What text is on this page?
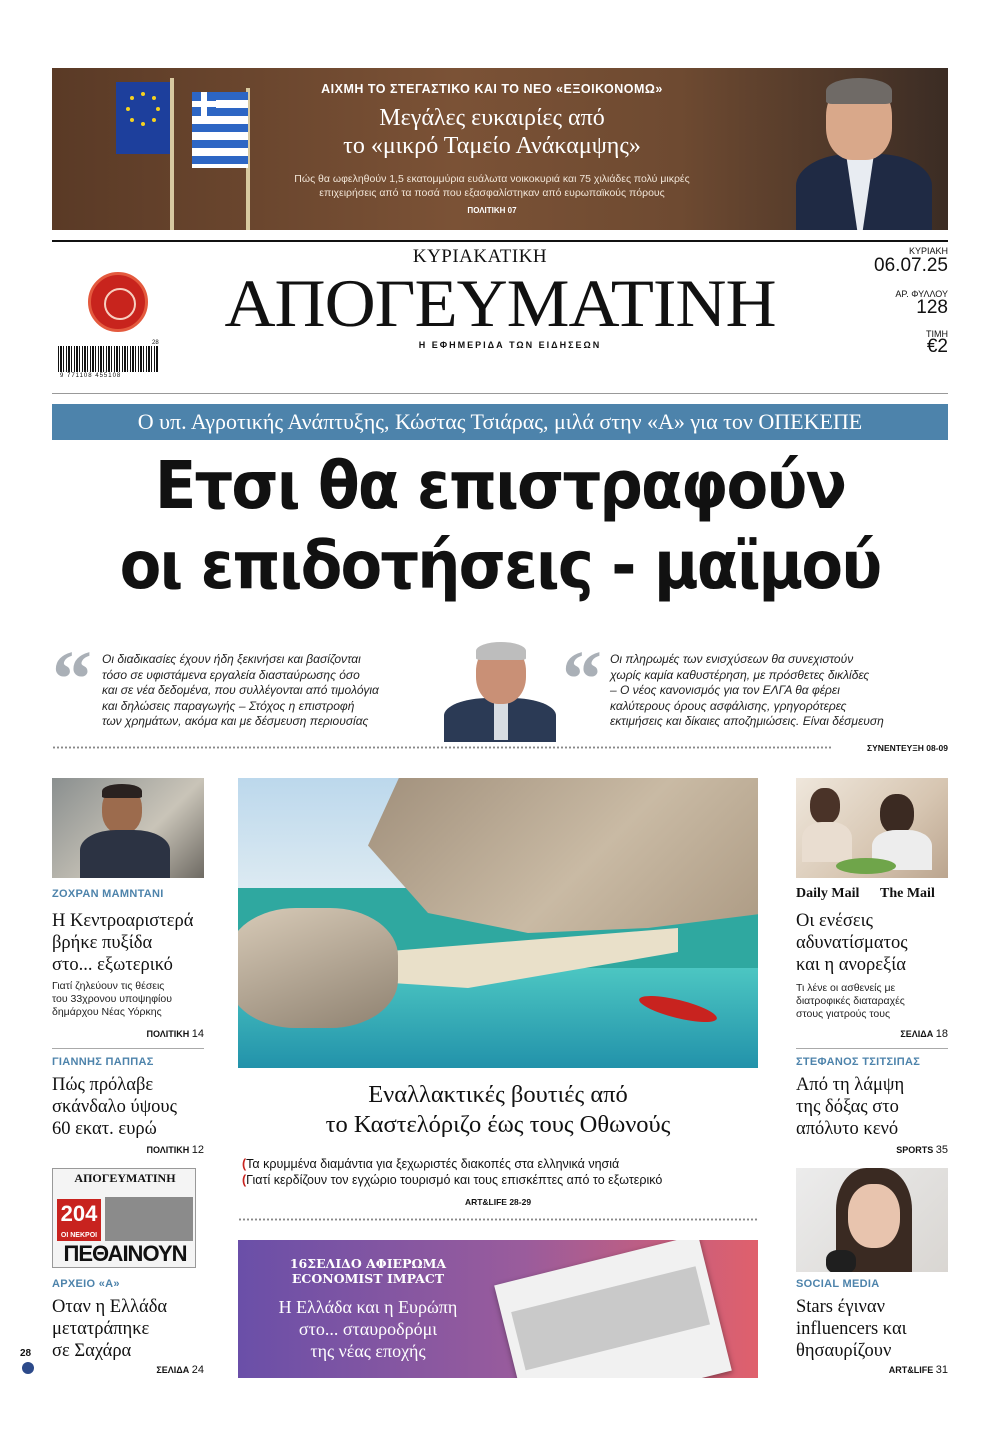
ΑΙΧΜΗ ΤΟ ΣΤΕΓΑΣΤΙΚΟ ΚΑΙ ΤΟ ΝΕΟ «ΕΞΟΙΚΟΝΟΜΩ»
Μεγάλες ευκαιρίες από
το «μικρό Ταμείο Ανάκαμψης»
Πώς θα ωφεληθούν 1,5 εκατομμύρια ευάλωτα νοικοκυριά και 75 χιλιάδες πολύ μικρές
επιχειρήσεις από τα ποσά που εξασφαλίστηκαν από ευρωπαϊκούς πόρους
ΠΟΛΙΤΙΚΗ 07
ΚΥΡΙΑΚΑΤΙΚΗ
ΑΠΟΓΕΥΜΑΤΙΝΗ
Η ΕΦΗΜΕΡΙΔΑ ΤΩΝ ΕΙΔΗΣΕΩΝ
9 771108 455108
28
ΚΥΡΙΑΚΗ
06.07.25
ΑΡ. ΦΥΛΛΟΥ
128
ΤΙΜΗ
€2
Ο υπ. Αγροτικής Ανάπτυξης, Κώστας Τσιάρας, μιλά στην «Α» για τον ΟΠΕΚΕΠΕ
Ετσι θα επιστραφούν
οι επιδοτήσεις - μαϊμού
“ Οι διαδικασίες έχουν ήδη ξεκινήσει και βασίζονται
τόσο σε υφιστάμενα εργαλεία διασταύρωσης όσο
και σε νέα δεδομένα, που συλλέγονται από τιμολόγια
και δηλώσεις παραγωγής – Στόχος η επιστροφή
των χρημάτων, ακόμα και με δέσμευση περιουσίας	“ Οι πληρωμές των ενισχύσεων θα συνεχιστούν
χωρίς καμία καθυστέρηση, με πρόσθετες δικλίδες
– Ο νέος κανονισμός για τον ΕΛΓΑ θα φέρει
καλύτερους όρους ασφάλισης, γρηγορότερες
εκτιμήσεις και δίκαιες αποζημιώσεις. Είναι δέσμευση
ΣΥΝΕΝΤΕΥΞΗ 08-09
ΖΟΧΡΑΝ ΜΑΜΝΤΑΝΙ
Η Κεντροαριστερά
βρήκε πυξίδα
στο... εξωτερικό
Γιατί ζηλεύουν τις θέσεις
του 33χρονου υποψηφίου
δημάρχου Νέας Υόρκης
ΠΟΛΙΤΙΚΗ 14
ΓΙΑΝΝΗΣ ΠΑΠΠΑΣ
Πώς πρόλαβε
σκάνδαλο ύψους
60 εκατ. ευρώ
ΠΟΛΙΤΙΚΗ 12
ΑΠΟΓΕΥΜΑΤΙΝΗ
204
ΟΙ ΝΕΚΡΟΙ
ΠΕΘΑΙΝΟΥΝ
ΑΡΧΕΙΟ «Α»
Οταν η Ελλάδα
μετατράπηκε
σε Σαχάρα
ΣΕΛΙΔΑ 24
Εναλλακτικές βουτιές από
το Καστελόριζο έως τους Οθωνούς
(Τα κρυμμένα διαμάντια για ξεχωριστές διακοπές στα ελληνικά νησιά
(Γιατί κερδίζουν τον εγχώριο τουρισμό και τους επισκέπτες από το εξωτερικό
ART&LIFE 28-29
16ΣΕΛΙΔΟ ΑΦΙΕΡΩΜΑ
ECONOMIST IMPACT
Η Ελλάδα και η Ευρώπη
στο... σταυροδρόμι
της νέας εποχής
Daily Mail The Mail
Οι ενέσεις
αδυνατίσματος
και η ανορεξία
Τι λένε οι ασθενείς με
διατροφικές διαταραχές
στους γιατρούς τους
ΣΕΛΙΔΑ 18
ΣΤΕΦΑΝΟΣ ΤΣΙΤΣΙΠΑΣ
Από τη λάμψη
της δόξας στο
απόλυτο κενό
SPORTS 35
SOCIAL MEDIA
Stars έγιναν
influencers και
θησαυρίζουν
ART&LIFE 31
28
